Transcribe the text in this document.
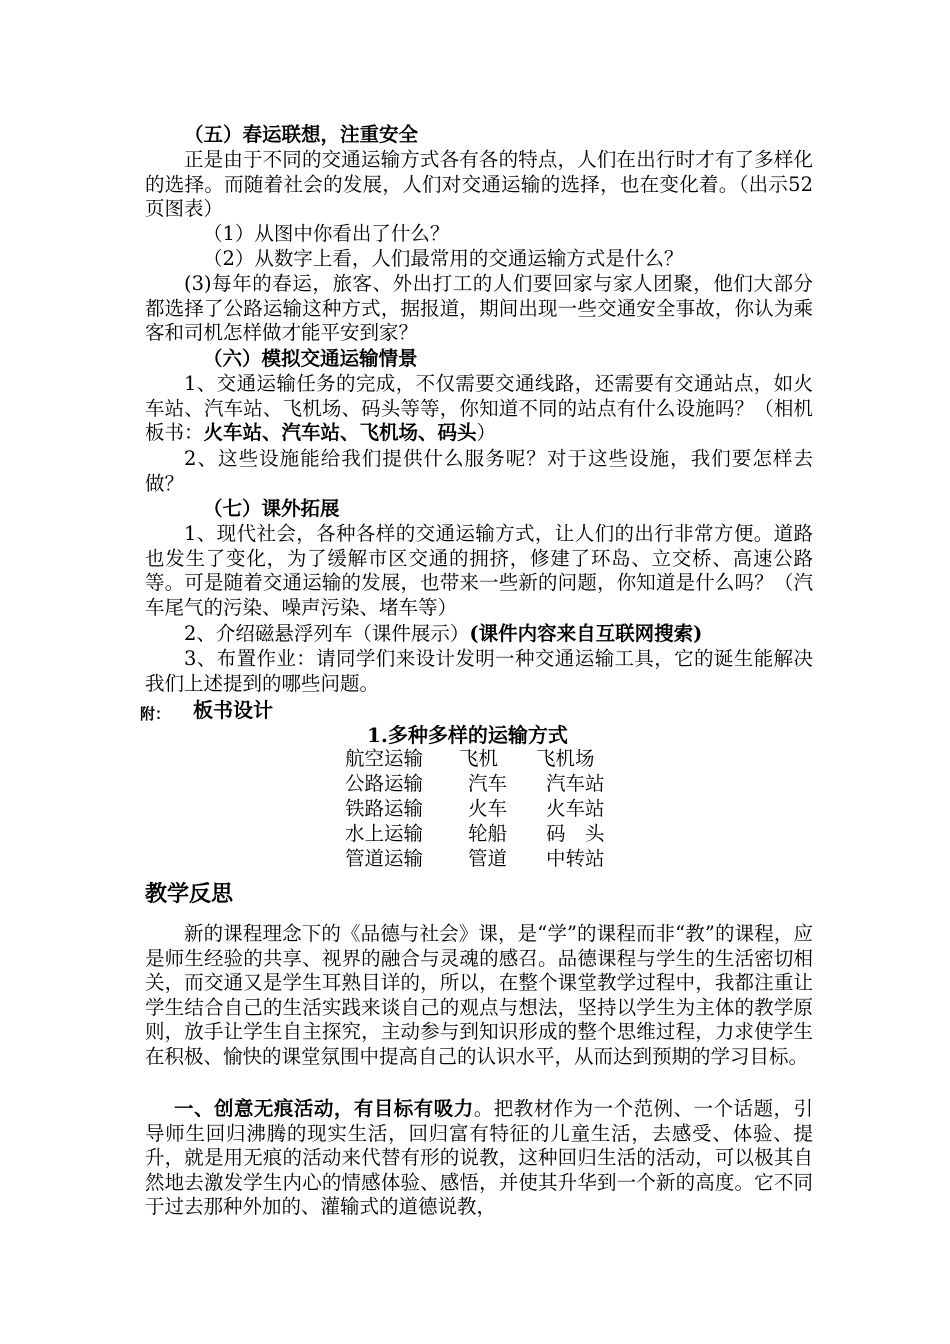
（五）春运联想，注重安全

正是由于不同的交通运输方式各有各的特点，人们在出行时才有了多样化的选择。而随着社会的发展，人们对交通运输的选择，也在变化着。（出示52页图表）

（1）从图中你看出了什么？

（2）从数字上看，人们最常用的交通运输方式是什么？

(3)每年的春运，旅客、外出打工的人们要回家与家人团聚，他们大部分都选择了公路运输这种方式，据报道，期间出现一些交通安全事故，你认为乘客和司机怎样做才能平安到家？

（六）模拟交通运输情景

1、交通运输任务的完成，不仅需要交通线路，还需要有交通站点，如火车站、汽车站、飞机场、码头等等，你知道不同的站点有什么设施吗？（相机板书：火车站、汽车站、飞机场、码头）

2、这些设施能给我们提供什么服务呢？对于这些设施，我们要怎样去做？

（七）课外拓展

1、现代社会，各种各样的交通运输方式，让人们的出行非常方便。道路也发生了变化，为了缓解市区交通的拥挤，修建了环岛、立交桥、高速公路等。可是随着交通运输的发展，也带来一些新的问题，你知道是什么吗？（汽车尾气的污染、噪声污染、堵车等）

2、介绍磁悬浮列车（课件展示）(课件内容来自互联网搜索)

3、布置作业：请同学们来设计发明一种交通运输工具，它的诞生能解决我们上述提到的哪些问题。

附： 板书设计
1.多种多样的运输方式
航空运输 飞机 飞机场
公路运输 汽车 汽车站
铁路运输 火车 火车站
水上运输 轮船 码　头
管道运输 管道 中转站
教学反思

新的课程理念下的《品德与社会》课，是“学”的课程而非“教”的课程，应是师生经验的共享、视界的融合与灵魂的感召。品德课程与学生的生活密切相关，而交通又是学生耳熟目详的，所以，在整个课堂教学过程中，我都注重让学生结合自己的生活实践来谈自己的观点与想法，坚持以学生为主体的教学原则，放手让学生自主探究，主动参与到知识形成的整个思维过程，力求使学生在积极、愉快的课堂氛围中提高自己的认识水平，从而达到预期的学习目标。

一、创意无痕活动，有目标有吸力。把教材作为一个范例、一个话题，引导师生回归沸腾的现实生活，回归富有特征的儿童生活，去感受、体验、提升，就是用无痕的活动来代替有形的说教，这种回归生活的活动，可以极其自然地去激发学生内心的情感体验、感悟，并使其升华到一个新的高度。它不同于过去那种外加的、灌输式的道德说教，
